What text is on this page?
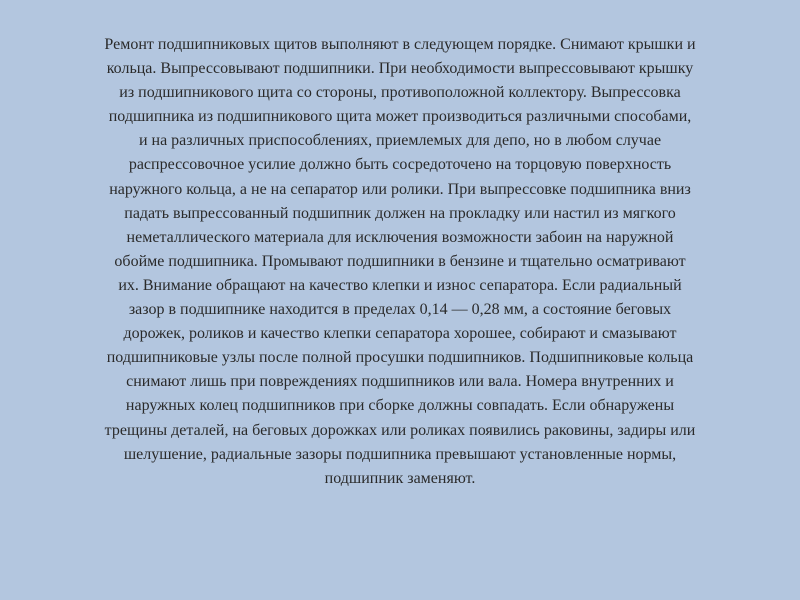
Ремонт подшипниковых щитов выполняют в следующем порядке. Снимают крышки и
кольца. Выпрессовывают подшипники. При необходимости выпрессовывают крышку
из подшипникового щита со стороны, противоположной коллектору. Выпрессовка
подшипника из подшипникового щита может производиться различными способами,
и на различных приспособлениях, приемлемых для депо, но в любом случае
распрессовочное усилие должно быть сосредоточено на торцовую поверхность
наружного кольца, а не на сепаратор или ролики. При выпрессовке подшипника вниз
падать выпрессованный подшипник должен на прокладку или настил из мягкого
неметаллического материала для исключения возможности забоин на наружной
обойме подшипника. Промывают подшипники в бензине и тщательно осматривают
их. Внимание обращают на качество клепки и износ сепаратора. Если радиальный
зазор в подшипнике находится в пределах 0,14 — 0,28 мм, а состояние беговых
дорожек, роликов и качество клепки сепаратора хорошее, собирают и смазывают
подшипниковые узлы после полной просушки подшипников. Подшипниковые кольца
снимают лишь при повреждениях подшипников или вала. Номера внутренних и
наружных колец подшипников при сборке должны совпадать. Если обнаружены
трещины деталей, на беговых дорожках или роликах появились раковины, задиры или
шелушение, радиальные зазоры подшипника превышают установленные нормы,
подшипник заменяют.
